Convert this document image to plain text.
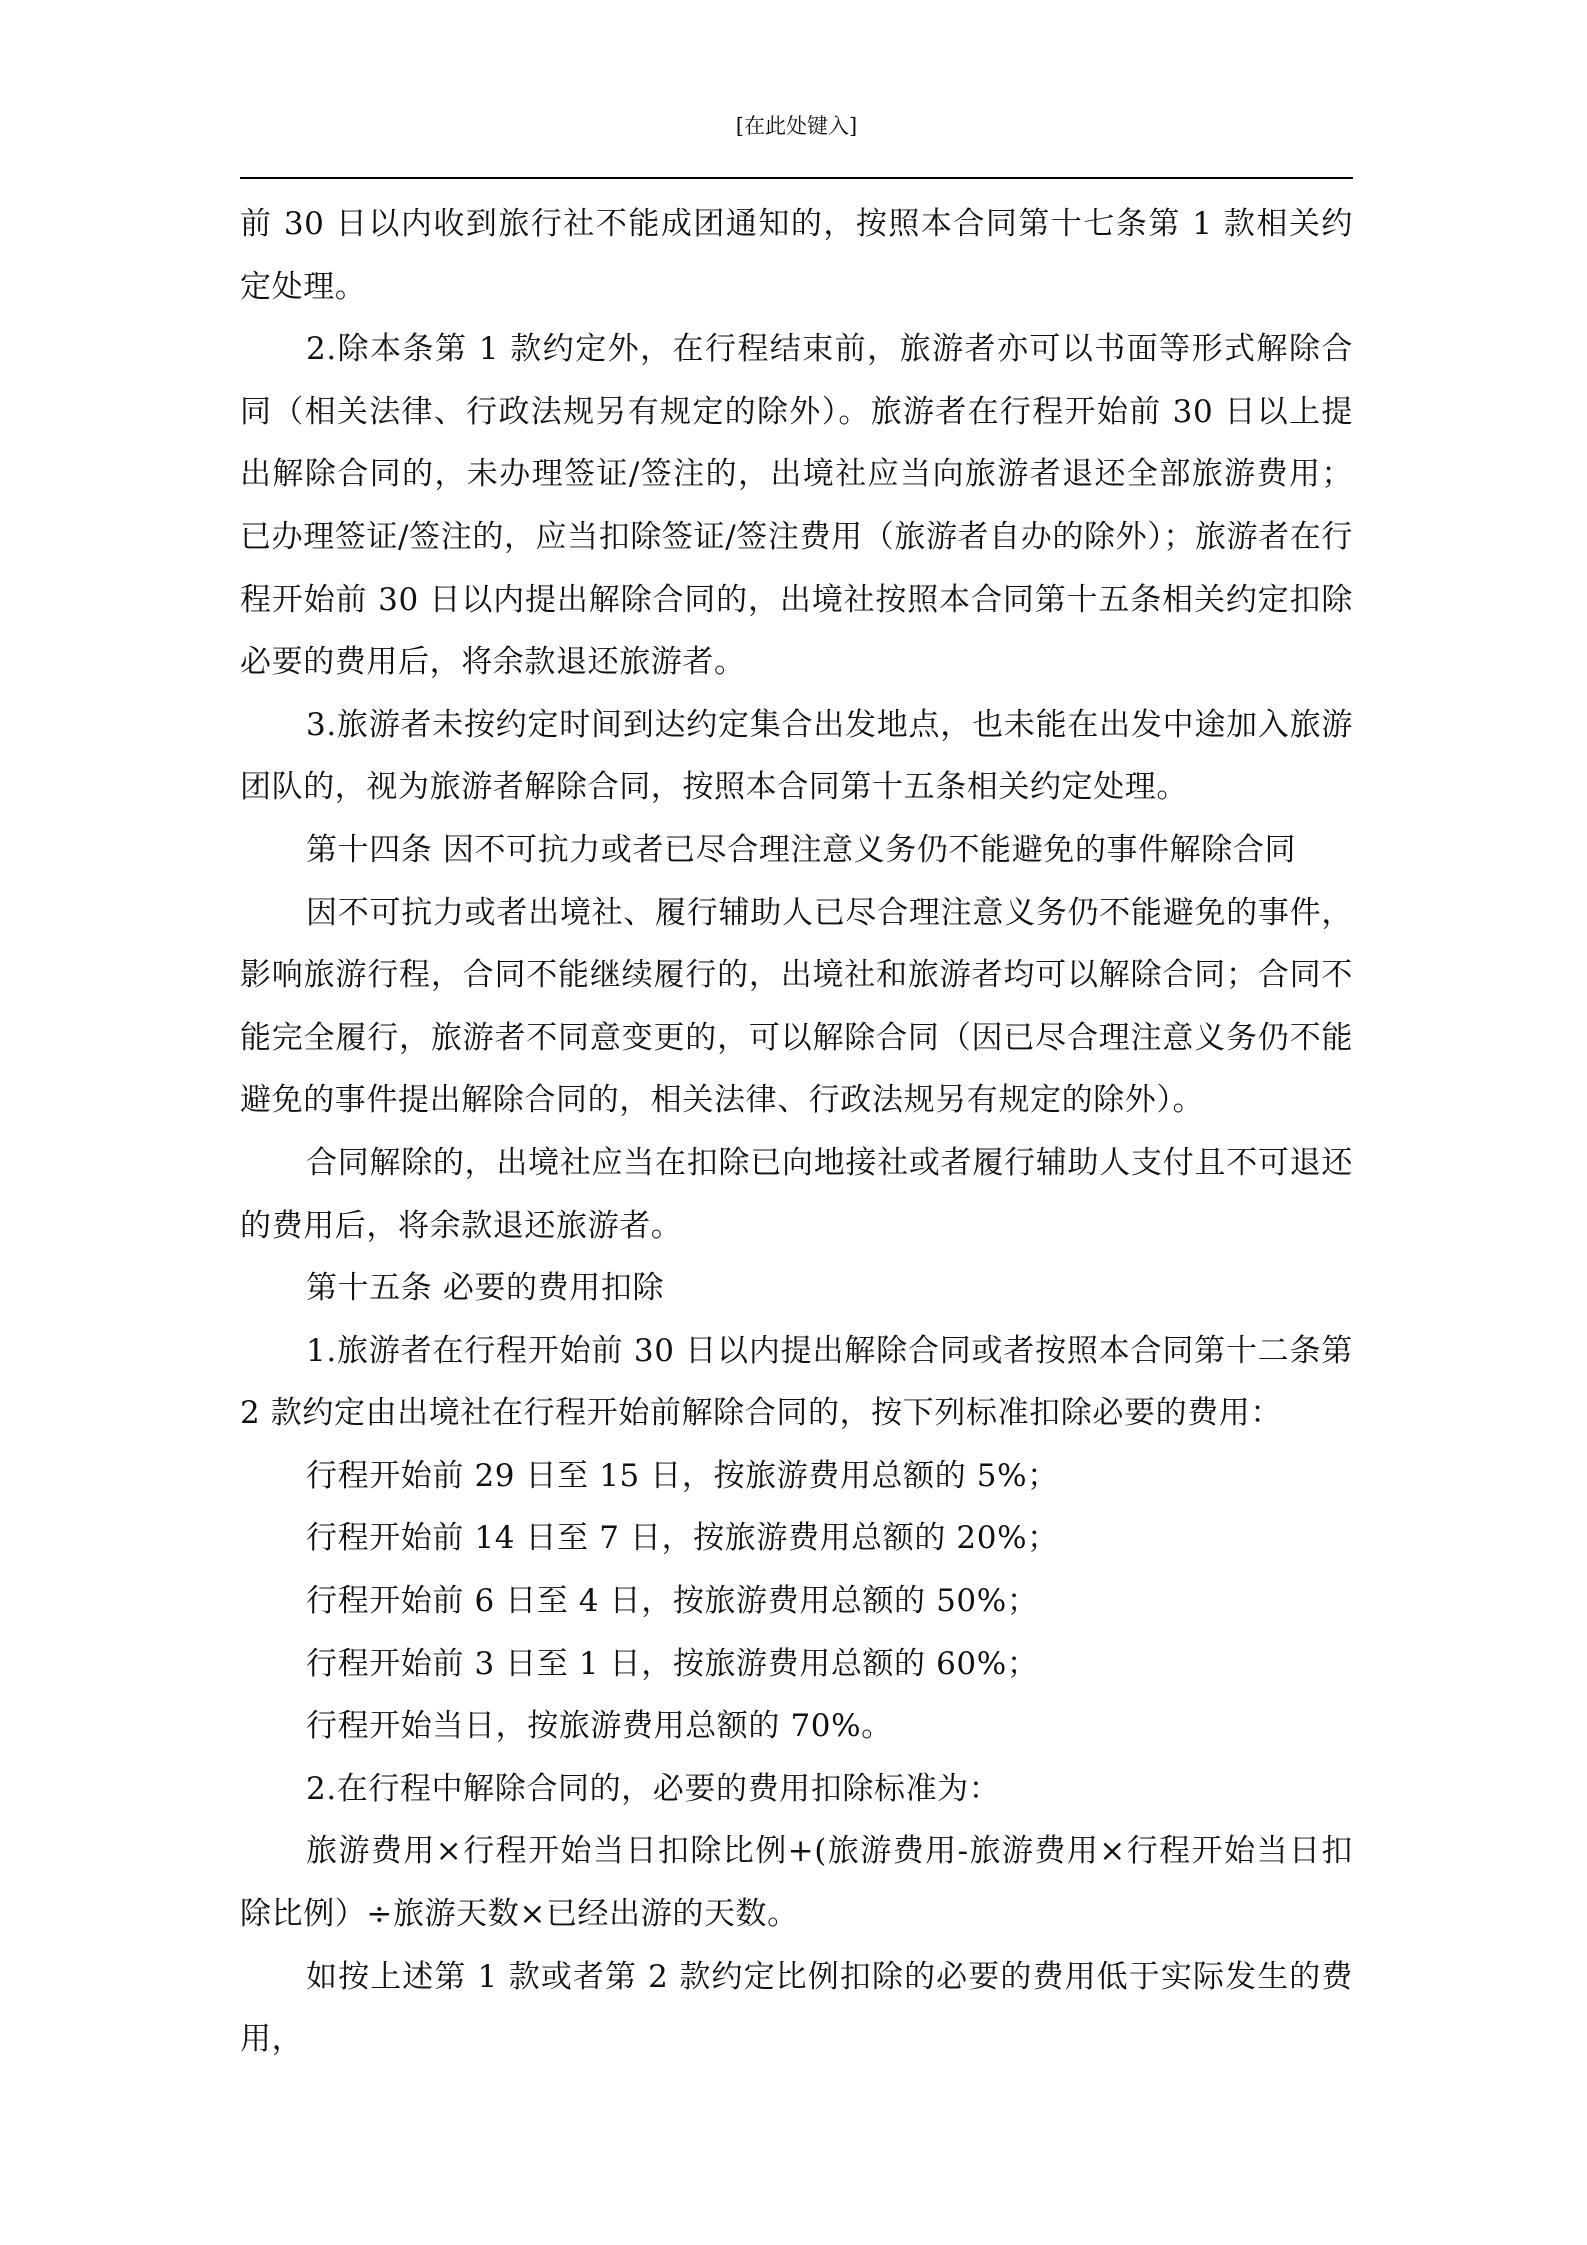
[在此处键入]

前 30 日以内收到旅行社不能成团通知的，按照本合同第十七条第 1 款相关约定处理。

2.除本条第 1 款约定外，在行程结束前，旅游者亦可以书面等形式解除合同（相关法律、行政法规另有规定的除外）。旅游者在行程开始前 30 日以上提出解除合同的，未办理签证/签注的，出境社应当向旅游者退还全部旅游费用；已办理签证/签注的，应当扣除签证/签注费用（旅游者自办的除外）；旅游者在行程开始前 30 日以内提出解除合同的，出境社按照本合同第十五条相关约定扣除必要的费用后，将余款退还旅游者。

3.旅游者未按约定时间到达约定集合出发地点，也未能在出发中途加入旅游团队的，视为旅游者解除合同，按照本合同第十五条相关约定处理。

第十四条 因不可抗力或者已尽合理注意义务仍不能避免的事件解除合同

因不可抗力或者出境社、履行辅助人已尽合理注意义务仍不能避免的事件，影响旅游行程，合同不能继续履行的，出境社和旅游者均可以解除合同；合同不能完全履行，旅游者不同意变更的，可以解除合同（因已尽合理注意义务仍不能避免的事件提出解除合同的，相关法律、行政法规另有规定的除外）。

合同解除的，出境社应当在扣除已向地接社或者履行辅助人支付且不可退还的费用后，将余款退还旅游者。

第十五条 必要的费用扣除

1.旅游者在行程开始前 30 日以内提出解除合同或者按照本合同第十二条第 2 款约定由出境社在行程开始前解除合同的，按下列标准扣除必要的费用：

行程开始前 29 日至 15 日，按旅游费用总额的 5%；

行程开始前 14 日至 7 日，按旅游费用总额的 20%；

行程开始前 6 日至 4 日，按旅游费用总额的 50%；

行程开始前 3 日至 1 日，按旅游费用总额的 60%；

行程开始当日，按旅游费用总额的 70%。

2.在行程中解除合同的，必要的费用扣除标准为：

旅游费用×行程开始当日扣除比例+(旅游费用-旅游费用×行程开始当日扣除比例）÷旅游天数×已经出游的天数。

如按上述第 1 款或者第 2 款约定比例扣除的必要的费用低于实际发生的费用，
